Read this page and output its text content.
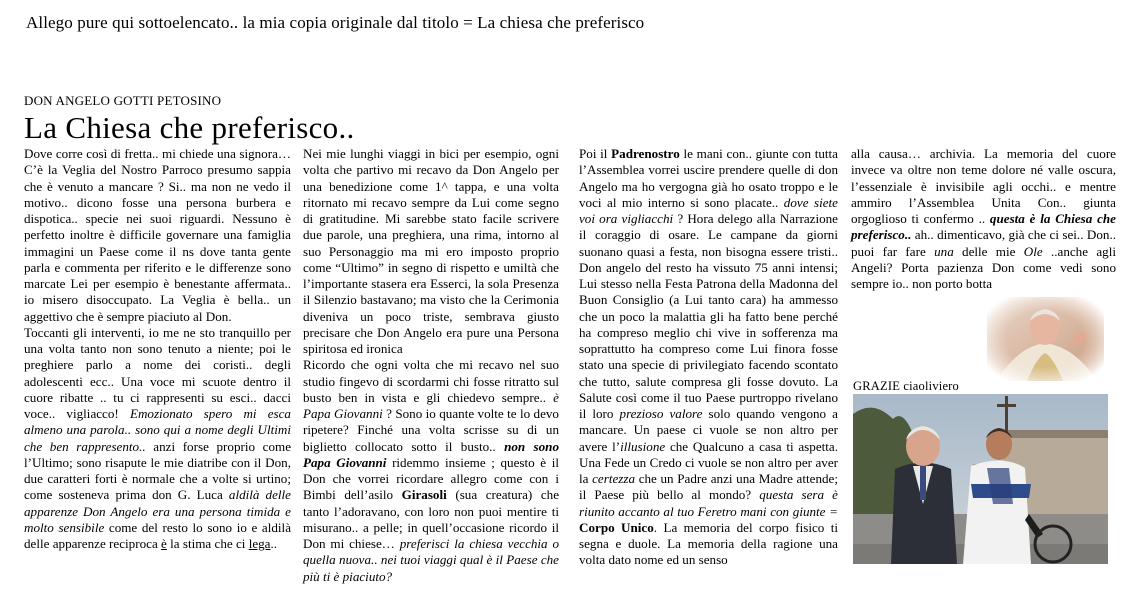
Allego pure qui sottoelencato.. la mia copia originale dal titolo = La chiesa che preferisco
DON ANGELO GOTTI PETOSINO
La Chiesa che preferisco..

Dove corre così di fretta.. mi chiede una signora… C’è la Veglia del Nostro Parroco presumo sappia che è venuto a mancare ? Si.. ma non ne vedo il motivo.. dicono fosse una persona burbera e dispotica.. specie nei suoi riguardi. Nessuno è perfetto inoltre è difficile governare una famiglia immagini un Paese come il ns dove tanta gente parla e commenta per riferito e le differenze sono marcate Lei per esempio è benestante affermata.. io misero disoccupato. La Veglia è bella.. un aggettivo che è sempre piaciuto al Don.

Toccanti gli interventi, io me ne sto tranquillo per una volta tanto non sono tenuto a niente; poi le preghiere parlo a nome dei coristi.. degli adolescenti ecc.. Una voce mi scuote dentro il cuore ribatte .. tu ci rappresenti su esci.. dacci voce.. vigliacco! Emozionato spero mi esca almeno una parola.. sono qui a nome degli Ultimi che ben rappresento.. anzi forse proprio come l’Ultimo; sono risapute le mie diatribe con il Don, due caratteri forti è normale che a volte si urtino; come sosteneva prima don G. Luca aldilà delle apparenze Don Angelo era una persona timida e molto sensibile come del resto lo sono io e aldilà delle apparenze reciproca è la stima che ci lega..

Nei mie lunghi viaggi in bici per esempio, ogni volta che partivo mi recavo da Don Angelo per una benedizione come 1^ tappa, e una volta ritornato mi recavo sempre da Lui come segno di gratitudine. Mi sarebbe stato facile scrivere due parole, una preghiera, una rima, intorno al suo Personaggio ma mi ero imposto proprio come “Ultimo” in segno di rispetto e umiltà che l’importante stasera era Esserci, la sola Presenza il Silenzio bastavano; ma visto che la Cerimonia diveniva un poco triste, sembrava giusto precisare che Don Angelo era pure una Persona spiritosa ed ironica

Ricordo che ogni volta che mi recavo nel suo studio fingevo di scordarmi chi fosse ritratto sul busto ben in vista e gli chiedevo sempre.. è Papa Giovanni ? Sono io quante volte te lo devo ripetere? Finché una volta scrisse su di un biglietto collocato sotto il busto.. non sono Papa Giovanni ridemmo insieme ; questo è il Don che vorrei ricordare allegro come con i Bimbi dell’asilo Girasoli (sua creatura) che tanto l’adoravano, con loro non puoi mentire ti misurano.. a pelle; in quell’occasione ricordo il Don mi chiese… preferisci la chiesa vecchia o quella nuova.. nei tuoi viaggi qual è il Paese che più ti è piaciuto?

Poi il Padrenostro le mani con.. giunte con tutta l’Assemblea vorrei uscire prendere quelle di don Angelo ma ho vergogna già ho osato troppo e le voci al mio interno si sono placate.. dove siete voi ora vigliacchi ? Hora delego alla Narrazione il coraggio di osare. Le campane da giorni suonano quasi a festa, non bisogna essere tristi.. Don angelo del resto ha vissuto 75 anni intensi; Lui stesso nella Festa Patrona della Madonna del Buon Consiglio (a Lui tanto cara) ha ammesso che un poco la malattia gli ha fatto bene perché ha compreso meglio chi vive in sofferenza ma soprattutto ha compreso come Lui finora fosse stato una specie di privilegiato facendo scontato che tutto, salute compresa gli fosse dovuto. La Salute così come il tuo Paese purtroppo rivelano il loro prezioso valore solo quando vengono a mancare. Un paese ci vuole se non altro per avere l’illusione che Qualcuno a casa ti aspetta. Una Fede un Credo ci vuole se non altro per aver la certezza che un Padre anzi una Madre attende; il Paese più bello al mondo? questa sera è riunito accanto al tuo Feretro mani con giunte = Corpo Unico. La memoria del corpo fisico ti segna e duole. La memoria della ragione una volta dato nome ed un senso

alla causa… archivia. La memoria del cuore invece va oltre non teme dolore né valle oscura, l’essenziale è invisibile agli occhi.. e mentre ammiro l’Assemblea Unita Con.. giunta orgoglioso ti confermo .. questa è la Chiesa che preferisco.. ah.. dimenticavo, già che ci sei.. Don.. puoi far fare una delle mie Ole ..anche agli Angeli? Porta pazienza Don come vedi sono sempre io.. non porto botta

GRAZIE ciaoliviero
